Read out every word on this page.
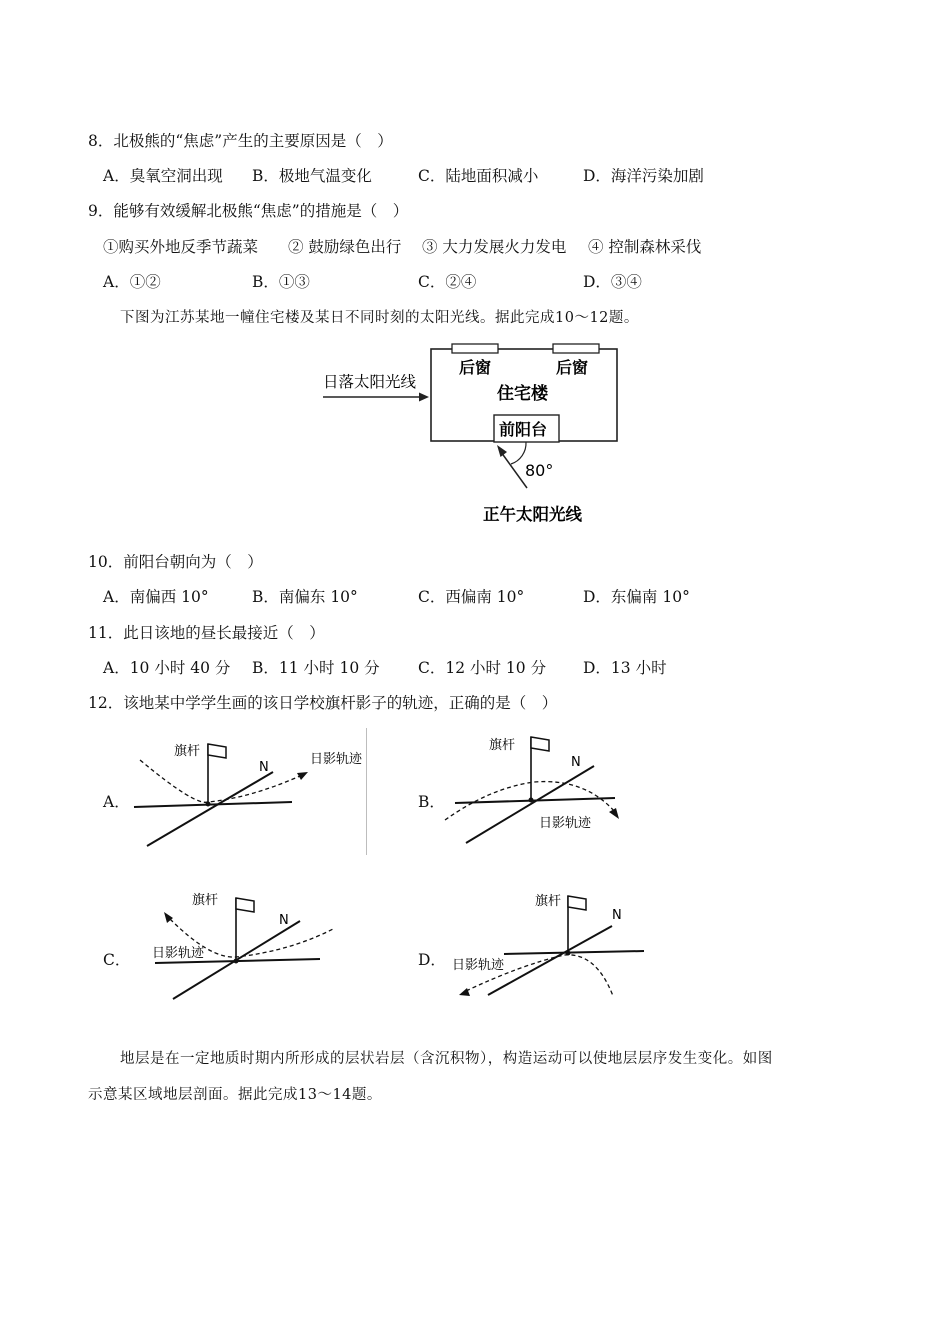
8．北极熊的“焦虑”产生的主要原因是（　）
A．臭氧空洞出现 B．极地气温变化	C．陆地面积减小	D．海洋污染加剧
9．能够有效缓解北极熊“焦虑”的措施是（　）
①购买外地反季节蔬菜 ② 鼓励绿色出行 ③ 大力发展火力发电 ④ 控制森林采伐
A．①②	B．①③	C．②④	D．③④
下图为江苏某地一幢住宅楼及某日不同时刻的太阳光线。据此完成10～12题。
后窗	后窗
住宅楼
前阳台
日落太阳光线
80°
正午太阳光线
10．前阳台朝向为（　）
A．南偏西 10°	B．南偏东 10°	C．西偏南 10°	D．东偏南 10°
11．此日该地的昼长最接近（　）
A．10 小时 40 分 B．11 小时 10 分 C．12 小时 10 分 D．13 小时
12．该地某中学学生画的该日学校旗杆影子的轨迹，正确的是（　）
A．
旗杆
N
日影轨迹
B．
旗杆
N
日影轨迹
C．
旗杆
N
日影轨迹	D．
旗杆
N
日影轨迹
地层是在一定地质时期内所形成的层状岩层（含沉积物），构造运动可以使地层层序发生变化。如图
示意某区域地层剖面。据此完成13～14题。
